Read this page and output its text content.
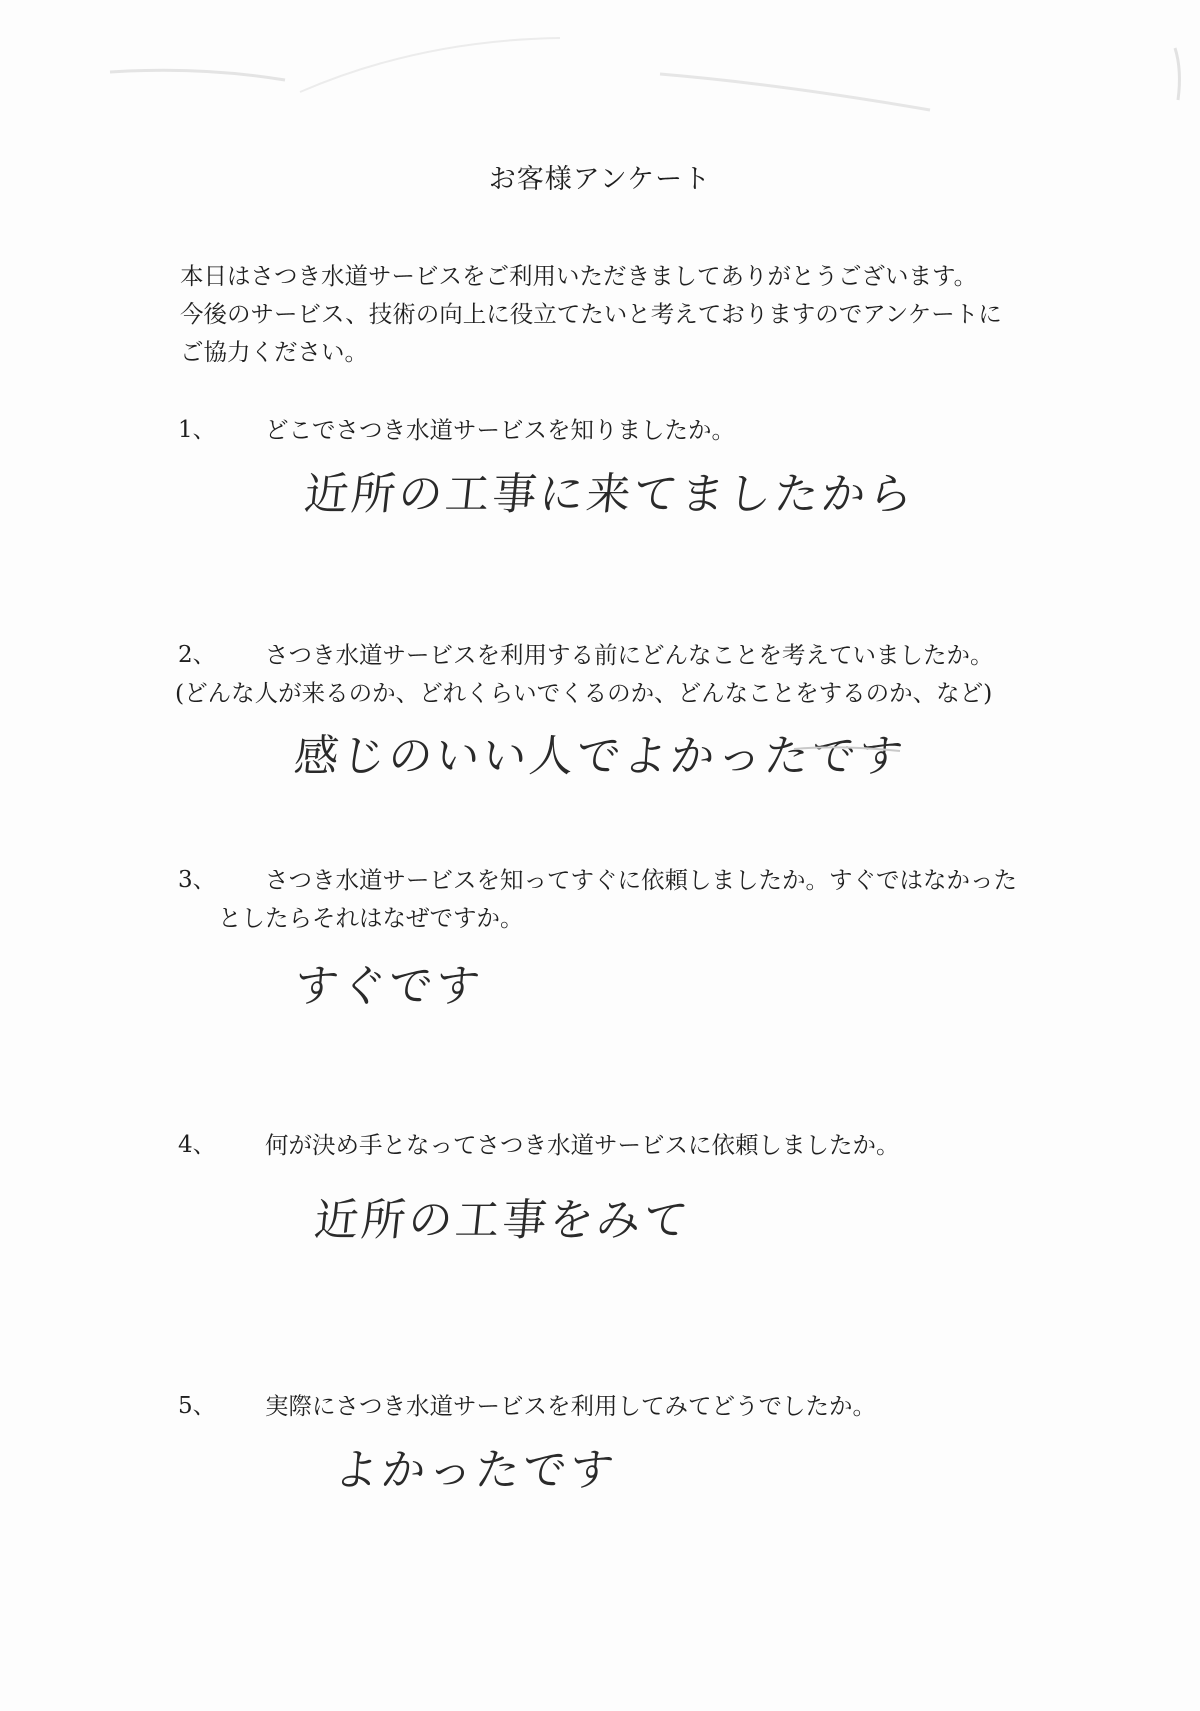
お客様アンケート
本日はさつき水道サービスをご利用いただきましてありがとうございます。
今後のサービス、技術の向上に役立てたいと考えておりますのでアンケートに
ご協力ください。
1、 どこでさつき水道サービスを知りましたか。
近所の工事に来てましたから
2、 さつき水道サービスを利用する前にどんなことを考えていましたか。
(どんな人が来るのか、どれくらいでくるのか、どんなことをするのか、など)
感じのいい人でよかったです
3、 さつき水道サービスを知ってすぐに依頼しましたか。すぐではなかった
としたらそれはなぜですか。
すぐです
4、 何が決め手となってさつき水道サービスに依頼しましたか。
近所の工事をみて
5、 実際にさつき水道サービスを利用してみてどうでしたか。
よかったです
